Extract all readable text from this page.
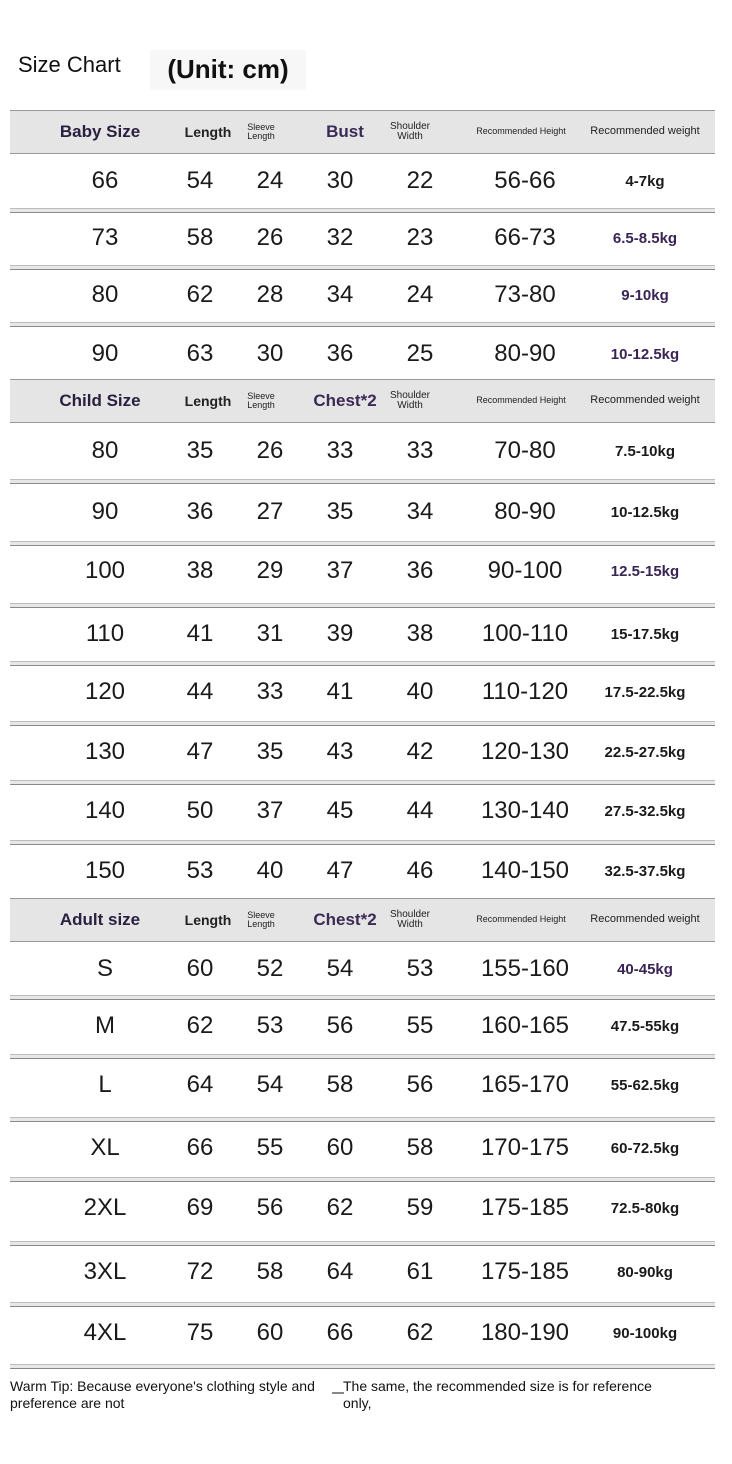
Size Chart	(Unit: cm)
Baby Size	Length	Sleeve Length	Bust	Shoulder Width	Recommended Height	Recommended weight
66	54	24	30	22	56-66	4-7kg
73	58	26	32	23	66-73	6.5-8.5kg
80	62	28	34	24	73-80	9-10kg
90	63	30	36	25	80-90	10-12.5kg
Child Size	Length	Sleeve Length	Chest*2	Shoulder Width	Recommended Height	Recommended weight
80	35	26	33	33	70-80	7.5-10kg
90	36	27	35	34	80-90	10-12.5kg
100	38	29	37	36	90-100	12.5-15kg
110	41	31	39	38	100-110	15-17.5kg
120	44	33	41	40	110-120	17.5-22.5kg
130	47	35	43	42	120-130	22.5-27.5kg
140	50	37	45	44	130-140	27.5-32.5kg
150	53	40	47	46	140-150	32.5-37.5kg
Adult size	Length	Sleeve Length	Chest*2	Shoulder Width	Recommended Height	Recommended weight
S	60	52	54	53	155-160	40-45kg
M	62	53	56	55	160-165	47.5-55kg
L	64	54	58	56	165-170	55-62.5kg
XL	66	55	60	58	170-175	60-72.5kg
2XL	69	56	62	59	175-185	72.5-80kg
3XL	72	58	64	61	175-185	80-90kg
4XL	75	60	66	62	180-190	90-100kg
Warm Tip: Because everyone's clothing style and preference are not
The same, the recommended size is for reference only,
